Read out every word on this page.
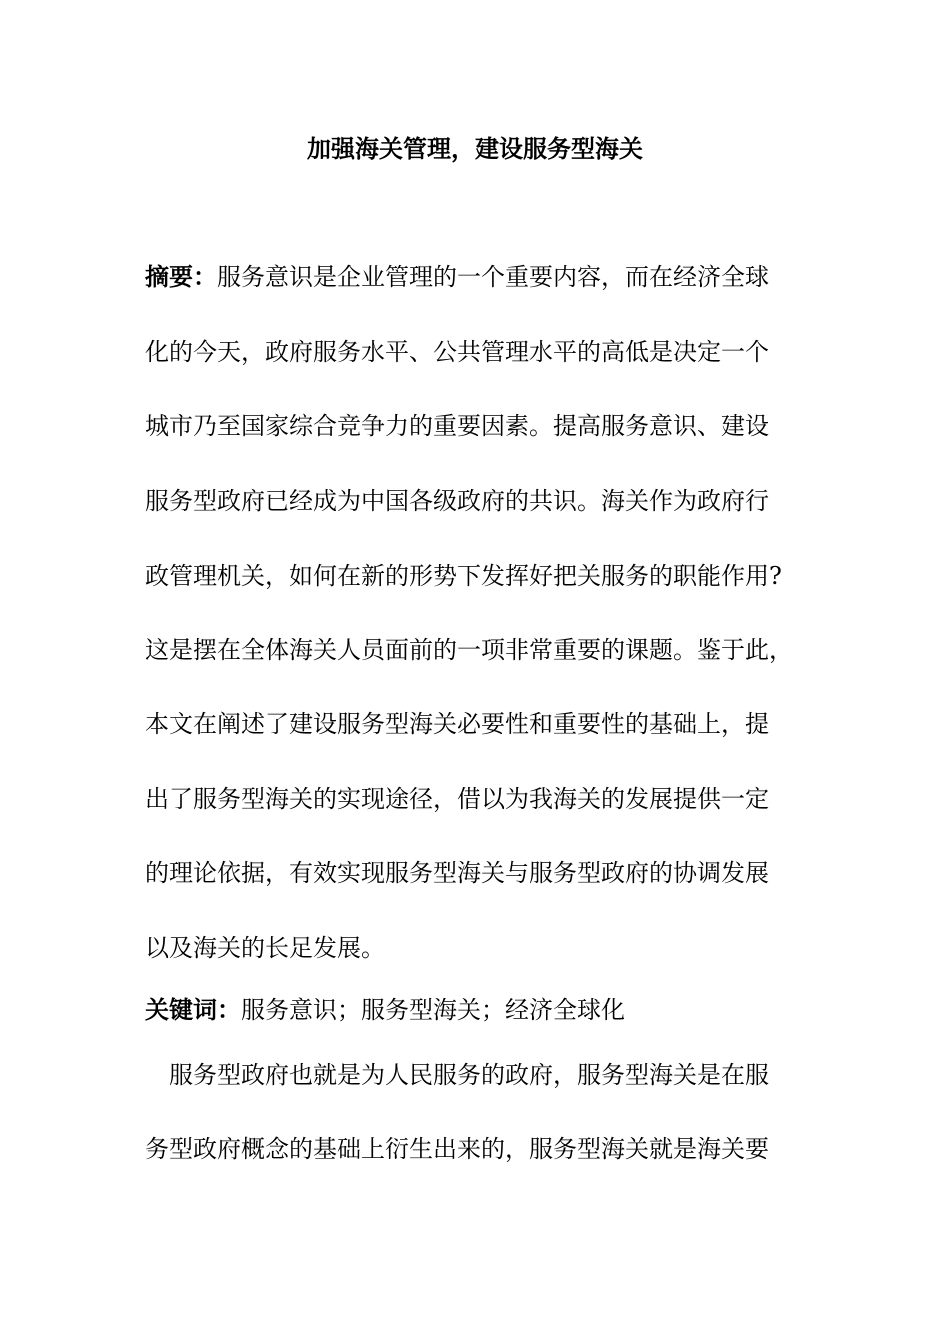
加强海关管理，建设服务型海关

摘要：服务意识是企业管理的一个重要内容，而在经济全球

化的今天，政府服务水平、公共管理水平的高低是决定一个

城市乃至国家综合竞争力的重要因素。提高服务意识、建设

服务型政府已经成为中国各级政府的共识。海关作为政府行

政管理机关，如何在新的形势下发挥好把关服务的职能作用?

这是摆在全体海关人员面前的一项非常重要的课题。鉴于此，

本文在阐述了建设服务型海关必要性和重要性的基础上，提

出了服务型海关的实现途径，借以为我海关的发展提供一定

的理论依据，有效实现服务型海关与服务型政府的协调发展

以及海关的长足发展。

关键词：服务意识；服务型海关；经济全球化

服务型政府也就是为人民服务的政府，服务型海关是在服

务型政府概念的基础上衍生出来的，服务型海关就是海关要
